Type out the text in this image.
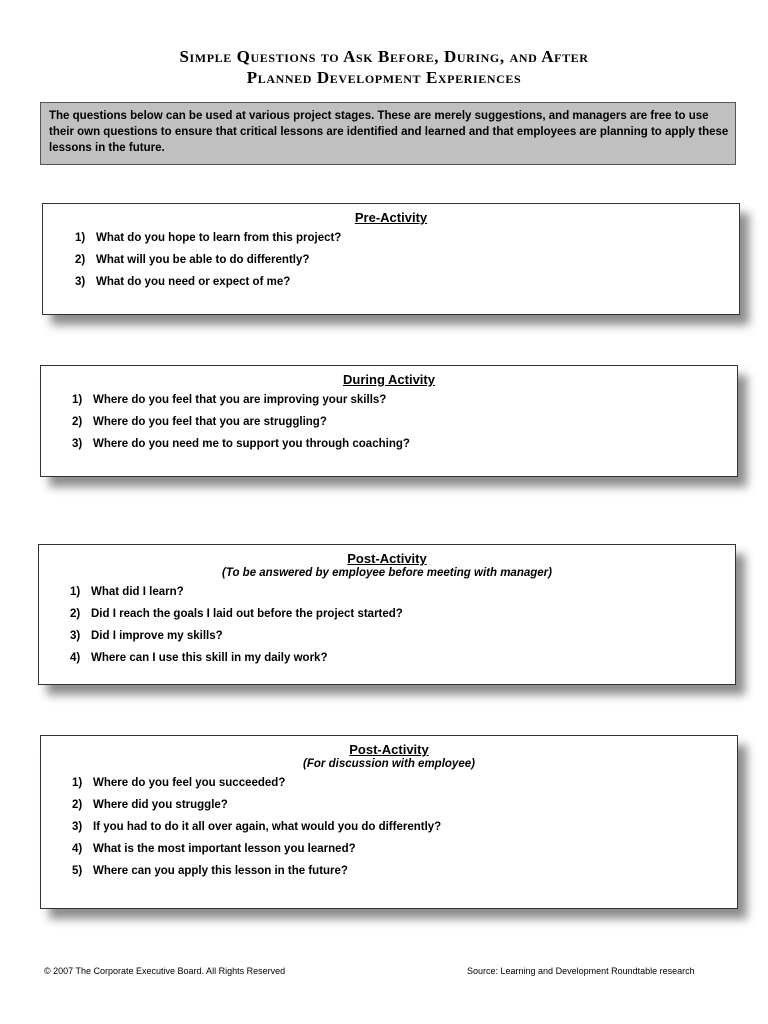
Simple Questions to Ask Before, During, and After
Planned Development Experiences
The questions below can be used at various project stages. These are merely suggestions, and managers are free to use their own questions to ensure that critical lessons are identified and learned and that employees are planning to apply these lessons in the future.
Pre-Activity
1) What do you hope to learn from this project?
2) What will you be able to do differently?
3) What do you need or expect of me?
During Activity
1) Where do you feel that you are improving your skills?
2) Where do you feel that you are struggling?
3) Where do you need me to support you through coaching?
Post-Activity
(To be answered by employee before meeting with manager)
1) What did I learn?
2) Did I reach the goals I laid out before the project started?
3) Did I improve my skills?
4) Where can I use this skill in my daily work?
Post-Activity
(For discussion with employee)
1) Where do you feel you succeeded?
2) Where did you struggle?
3) If you had to do it all over again, what would you do differently?
4) What is the most important lesson you learned?
5) Where can you apply this lesson in the future?
© 2007 The Corporate Executive Board. All Rights Reserved	Source: Learning and Development Roundtable research
